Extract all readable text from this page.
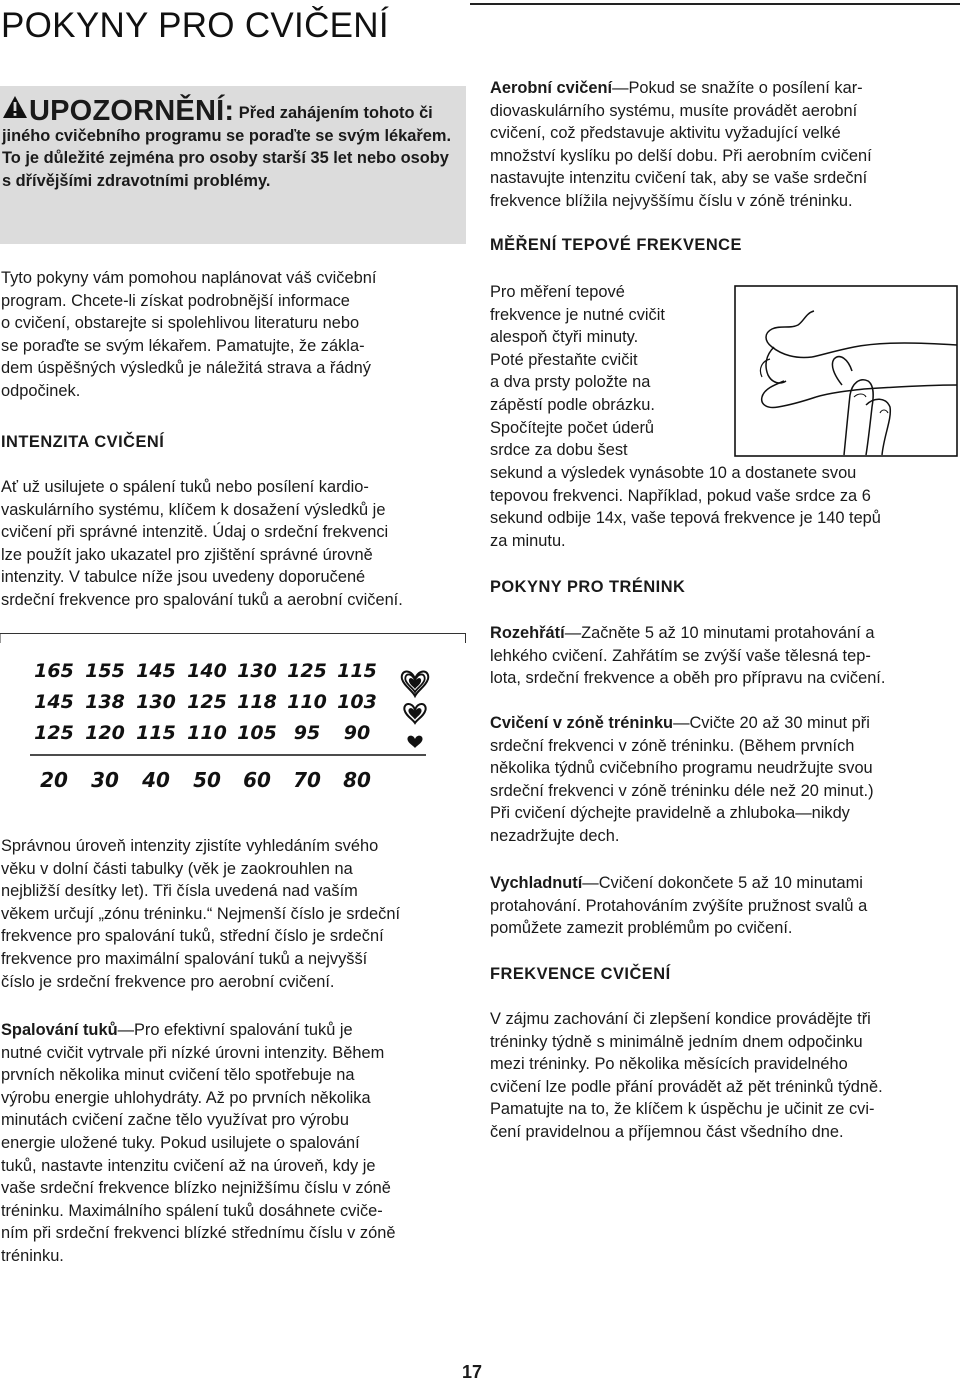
POKYNY PRO CVIČENÍ
UPOZORNĚNÍ: Před zahájením tohoto či jiného cvičebního programu se poraďte se svým lékařem. To je důležité zejména pro osoby starší 35 let nebo osoby s dřívějšími zdravotními problémy.
Tyto pokyny vám pomohou naplánovat váš cvičební
program. Chcete-li získat podrobnější informace
o cvičení, obstarejte si spolehlivou literaturu nebo
se poraďte se svým lékařem. Pamatujte, že zákla-
dem úspěšných výsledků je náležitá strava a řádný
odpočinek.
INTENZITA CVIČENÍ
Ať už usilujete o spálení tuků nebo posílení kardio-
vaskulárního systému, klíčem k dosažení výsledků je
cvičení při správné intenzitě. Údaj o srdeční frekvenci
lze použít jako ukazatel pro zjištění správné úrovně
intenzity. V tabulce níže jsou uvedeny doporučené
srdeční frekvence pro spalování tuků a aerobní cvičení.
165 155 145 140 130 125 115
145 138 130 125 118 110 103
125 120 115 110 105 95 90
20 30 40 50 60 70 80
Správnou úroveň intenzity zjistíte vyhledáním svého
věku v dolní části tabulky (věk je zaokrouhlen na
nejbližší desítky let). Tři čísla uvedená nad vaším
věkem určují „zónu tréninku.“ Nejmenší číslo je srdeční
frekvence pro spalování tuků, střední číslo je srdeční
frekvence pro maximální spalování tuků a nejvyšší
číslo je srdeční frekvence pro aerobní cvičení.
Spalování tuků—Pro efektivní spalování tuků je
nutné cvičit vytrvale při nízké úrovni intenzity. Během
prvních několika minut cvičení tělo spotřebuje na
výrobu energie uhlohydráty. Až po prvních několika
minutách cvičení začne tělo využívat pro výrobu
energie uložené tuky. Pokud usilujete o spalování
tuků, nastavte intenzitu cvičení až na úroveň, kdy je
vaše srdeční frekvence blízko nejnižšímu číslu v zóně
tréninku. Maximálního spálení tuků dosáhnete cviče-
ním při srdeční frekvenci blízké střednímu číslu v zóně
tréninku.
Aerobní cvičení—Pokud se snažíte o posílení kar-
diovaskulárního systému, musíte provádět aerobní
cvičení, což představuje aktivitu vyžadující velké
množství kyslíku po delší dobu. Při aerobním cvičení
nastavujte intenzitu cvičení tak, aby se vaše srdeční
frekvence blížila nejvyššímu číslu v zóně tréninku.
MĚŘENÍ TEPOVÉ FREKVENCE
Pro měření tepové
frekvence je nutné cvičit
alespoň čtyři minuty.
Poté přestaňte cvičit
a dva prsty položte na
zápěstí podle obrázku.
Spočítejte počet úderů
srdce za dobu šest
sekund a výsledek vynásobte 10 a dostanete svou
tepovou frekvenci. Například, pokud vaše srdce za 6
sekund odbije 14x, vaše tepová frekvence je 140 tepů
za minutu.
POKYNY PRO TRÉNINK
Rozehřátí—Začněte 5 až 10 minutami protahování a
lehkého cvičení. Zahřátím se zvýší vaše tělesná tep-
lota, srdeční frekvence a oběh pro přípravu na cvičení.
Cvičení v zóně tréninku—Cvičte 20 až 30 minut při
srdeční frekvenci v zóně tréninku. (Během prvních
několika týdnů cvičebního programu neudržujte svou
srdeční frekvenci v zóně tréninku déle než 20 minut.)
Při cvičení dýchejte pravidelně a zhluboka—nikdy
nezadržujte dech.
Vychladnutí—Cvičení dokončete 5 až 10 minutami
protahování. Protahováním zvýšíte pružnost svalů a
pomůžete zamezit problémům po cvičení.
FREKVENCE CVIČENÍ
V zájmu zachování či zlepšení kondice provádějte tři
tréninky týdně s minimálně jedním dnem odpočinku
mezi tréninky. Po několika měsících pravidelného
cvičení lze podle přání provádět až pět tréninků týdně.
Pamatujte na to, že klíčem k úspěchu je učinit ze cvi-
čení pravidelnou a příjemnou část všedního dne.
17
